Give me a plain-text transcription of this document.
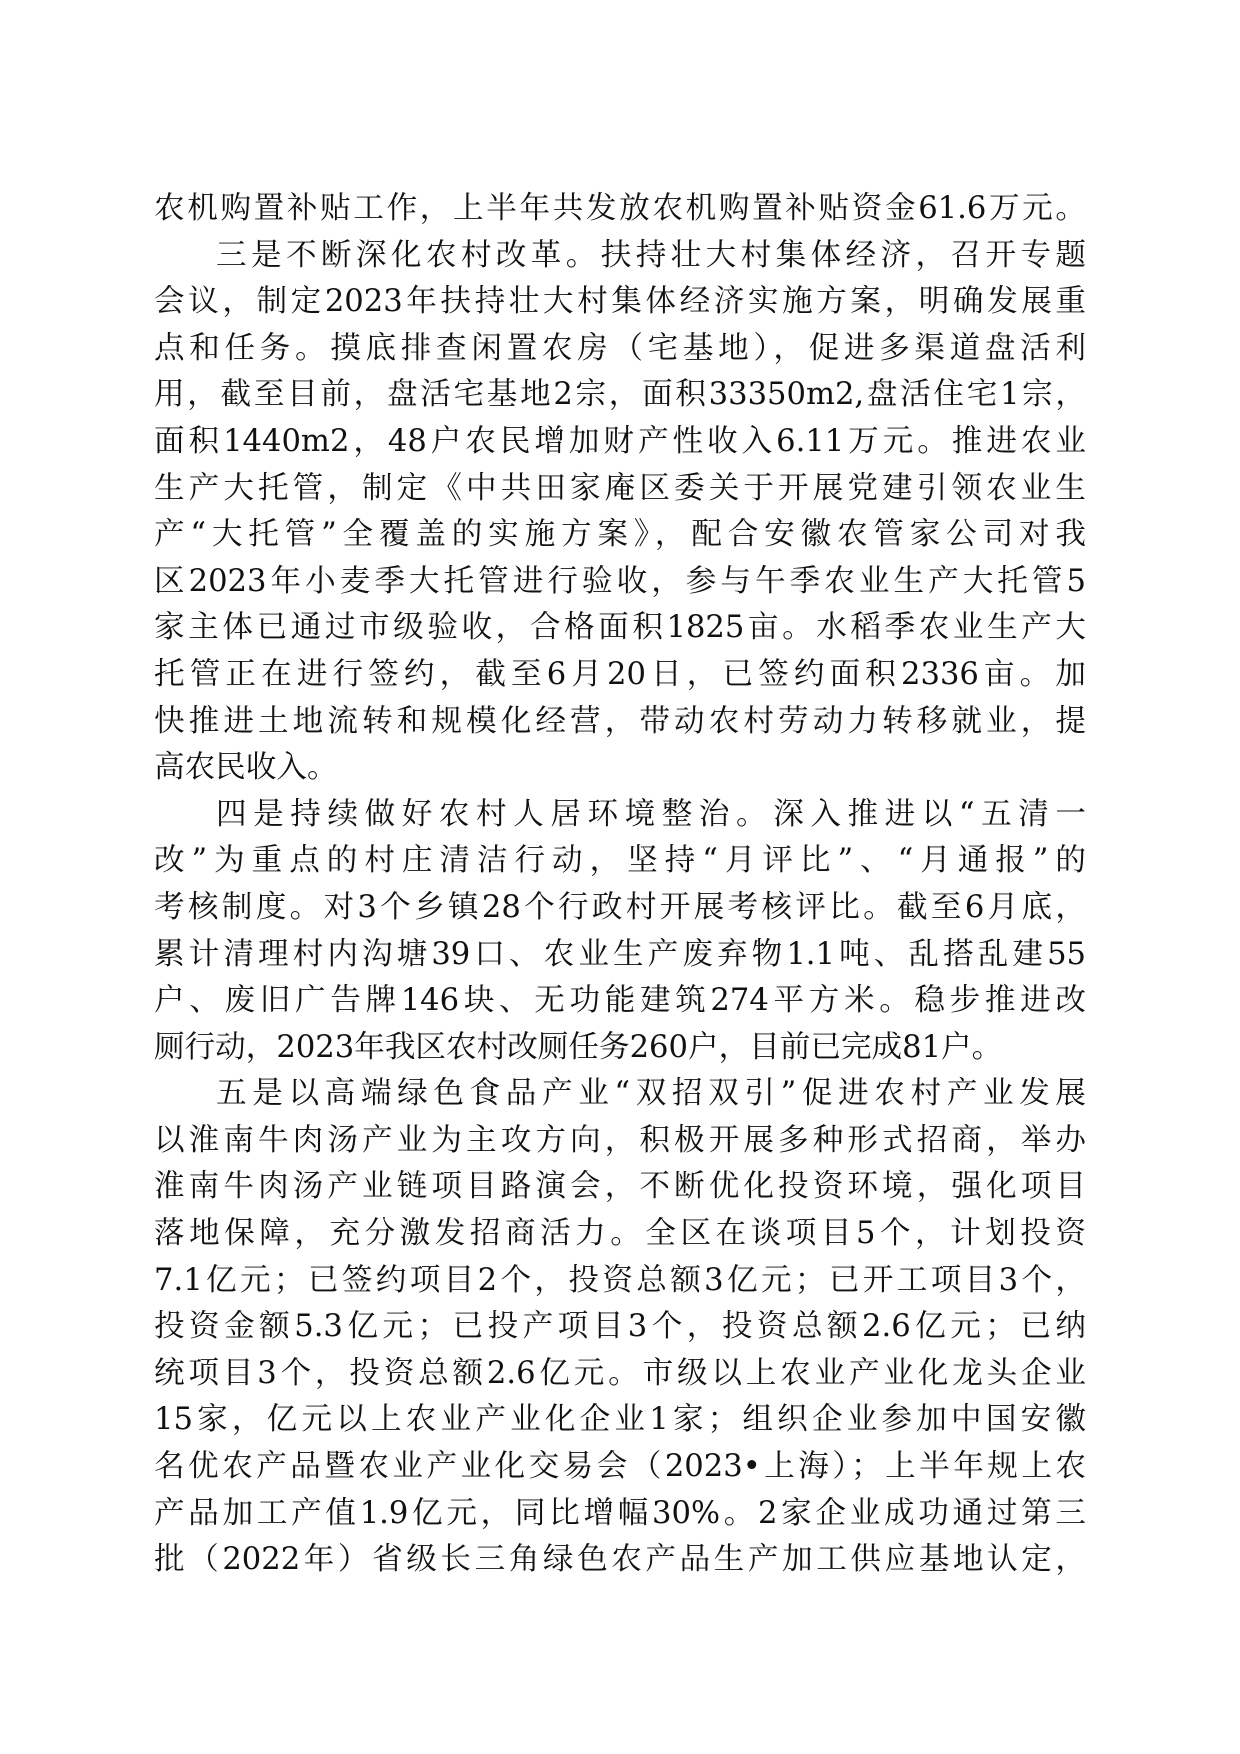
农机购置补贴工作，上半年共发放农机购置补贴资金61.6万元。
三是不断深化农村改革。扶持壮大村集体经济，召开专题
会议，制定2023年扶持壮大村集体经济实施方案，明确发展重
点和任务。摸底排查闲置农房（宅基地），促进多渠道盘活利
用，截至目前，盘活宅基地2宗，面积33350m2,盘活住宅1宗，
面积1440m2，48户农民增加财产性收入6.11万元。推进农业
生产大托管，制定《中共田家庵区委关于开展党建引领农业生
产“大托管”全覆盖的实施方案》，配合安徽农管家公司对我
区2023年小麦季大托管进行验收，参与午季农业生产大托管5
家主体已通过市级验收，合格面积1825亩。水稻季农业生产大
托管正在进行签约，截至6月20日，已签约面积2336亩。加
快推进土地流转和规模化经营，带动农村劳动力转移就业，提
高农民收入。
四是持续做好农村人居环境整治。深入推进以“五清一
改”为重点的村庄清洁行动，坚持“月评比”、“月通报”的
考核制度。对3个乡镇28个行政村开展考核评比。截至6月底，
累计清理村内沟塘39口、农业生产废弃物1.1吨、乱搭乱建55
户、废旧广告牌146块、无功能建筑274平方米。稳步推进改
厕行动，2023年我区农村改厕任务260户，目前已完成81户。
五是以高端绿色食品产业“双招双引”促进农村产业发展
以淮南牛肉汤产业为主攻方向，积极开展多种形式招商，举办
淮南牛肉汤产业链项目路演会，不断优化投资环境，强化项目
落地保障，充分激发招商活力。全区在谈项目5个，计划投资
7.1亿元；已签约项目2个，投资总额3亿元；已开工项目3个，
投资金额5.3亿元；已投产项目3个，投资总额2.6亿元；已纳
统项目3个，投资总额2.6亿元。市级以上农业产业化龙头企业
15家，亿元以上农业产业化企业1家；组织企业参加中国安徽
名优农产品暨农业产业化交易会（2023•上海）；上半年规上农
产品加工产值1.9亿元，同比增幅30%。2家企业成功通过第三
批（2022年）省级长三角绿色农产品生产加工供应基地认定，
